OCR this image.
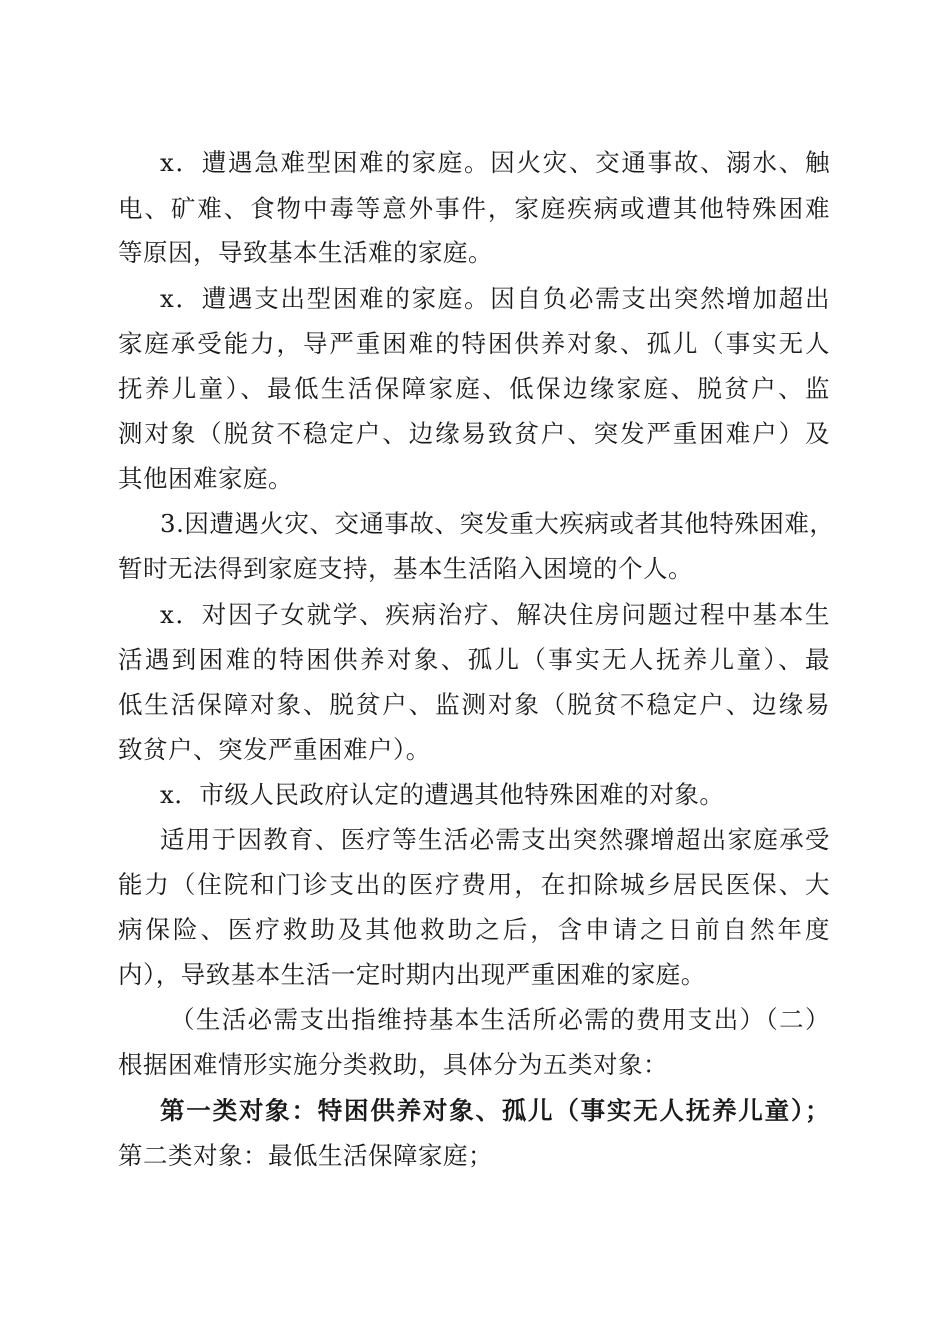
x．遭遇急难型困难的家庭。因火灾、交通事故、溺水、触
电、矿难、食物中毒等意外事件，家庭疾病或遭其他特殊困难
等原因，导致基本生活难的家庭。
x．遭遇支出型困难的家庭。因自负必需支出突然增加超出
家庭承受能力，导严重困难的特困供养对象、孤儿（事实无人
抚养儿童）、最低生活保障家庭、低保边缘家庭、脱贫户、监
测对象（脱贫不稳定户、边缘易致贫户、突发严重困难户）及
其他困难家庭。
3.因遭遇火灾、交通事故、突发重大疾病或者其他特殊困难，
暂时无法得到家庭支持，基本生活陷入困境的个人。
x．对因子女就学、疾病治疗、解决住房问题过程中基本生
活遇到困难的特困供养对象、孤儿（事实无人抚养儿童）、最
低生活保障对象、脱贫户、监测对象（脱贫不稳定户、边缘易
致贫户、突发严重困难户）。
x．市级人民政府认定的遭遇其他特殊困难的对象。
适用于因教育、医疗等生活必需支出突然骤增超出家庭承受
能力（住院和门诊支出的医疗费用，在扣除城乡居民医保、大
病保险、医疗救助及其他救助之后，含申请之日前自然年度
内），导致基本生活一定时期内出现严重困难的家庭。
（生活必需支出指维持基本生活所必需的费用支出）（二）
根据困难情形实施分类救助，具体分为五类对象：
第一类对象：特困供养对象、孤儿（事实无人抚养儿童）；
第二类对象：最低生活保障家庭；
